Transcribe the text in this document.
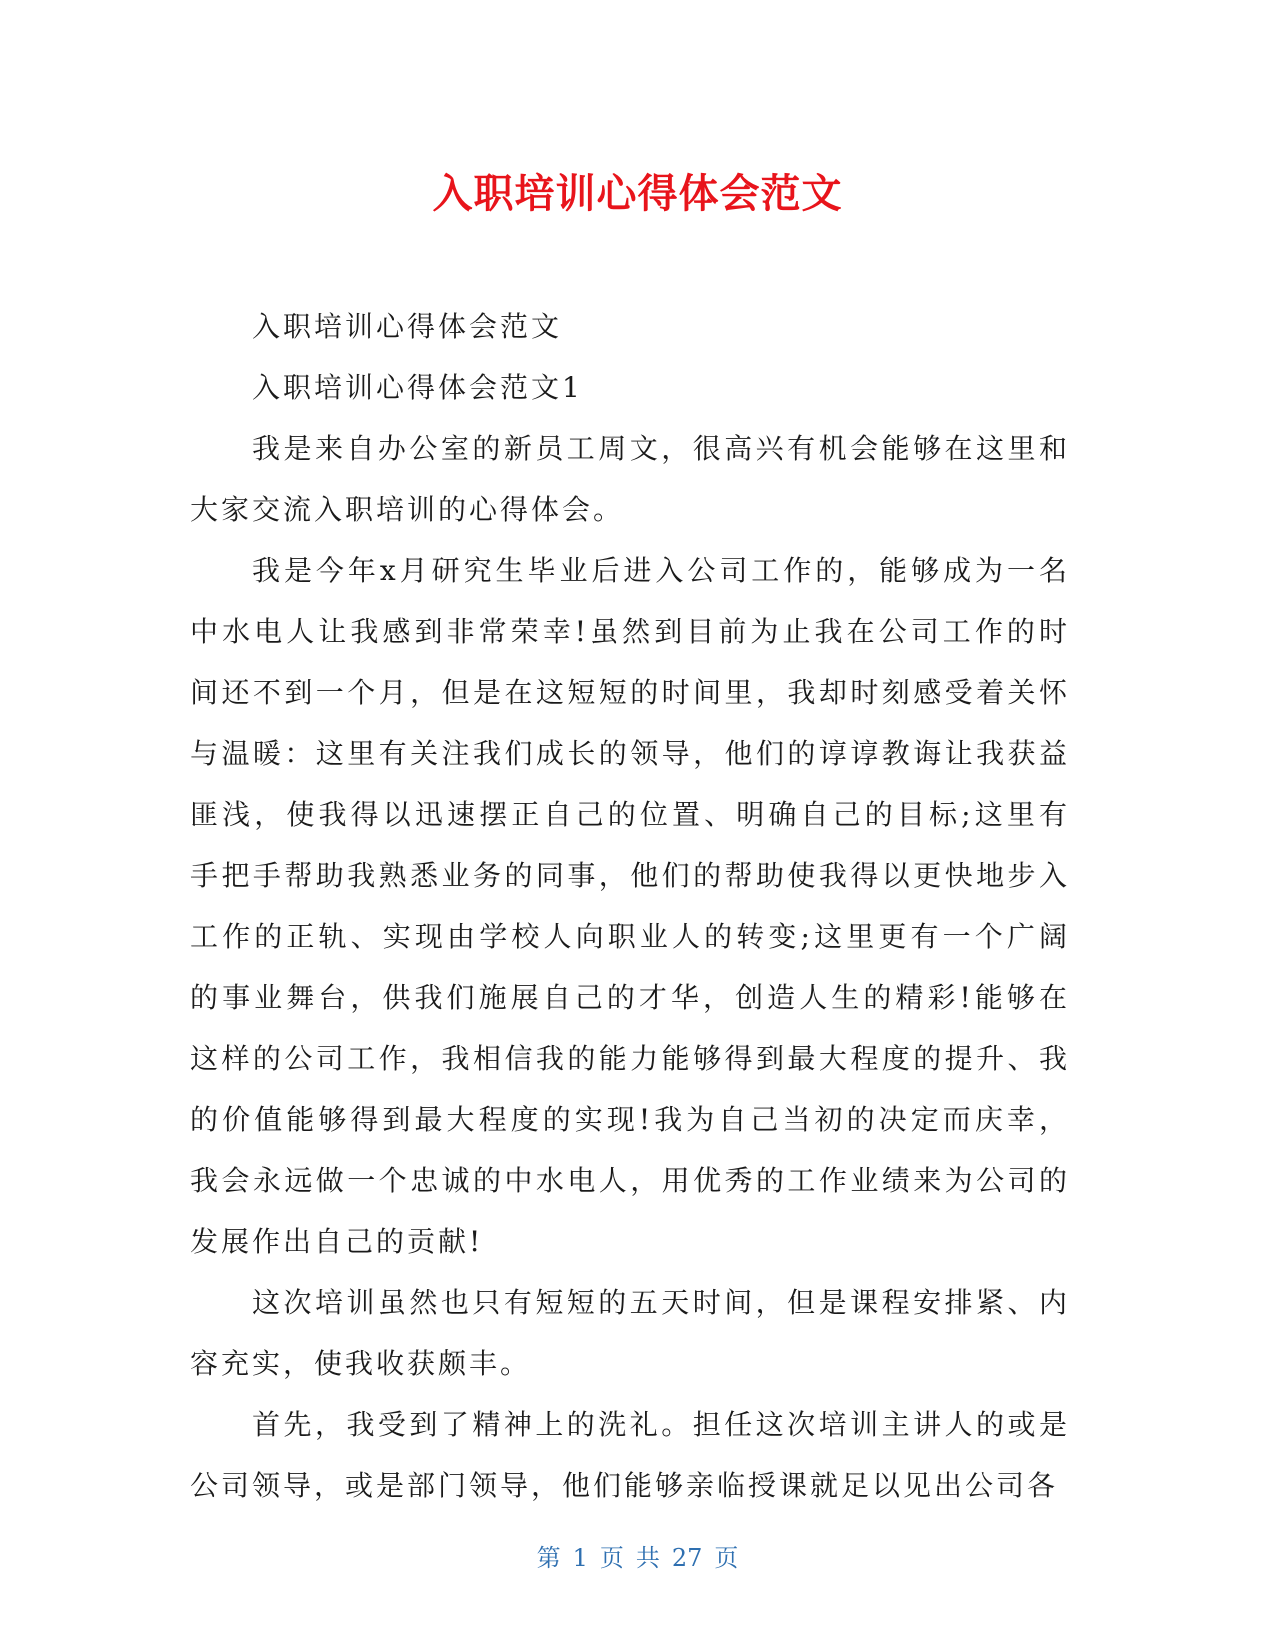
入职培训心得体会范文

入职培训心得体会范文

入职培训心得体会范文1

我是来自办公室的新员工周文，很高兴有机会能够在这里和大家交流入职培训的心得体会。

我是今年x月研究生毕业后进入公司工作的，能够成为一名中水电人让我感到非常荣幸!虽然到目前为止我在公司工作的时间还不到一个月，但是在这短短的时间里，我却时刻感受着关怀与温暖：这里有关注我们成长的领导，他们的谆谆教诲让我获益匪浅，使我得以迅速摆正自己的位置、明确自己的目标;这里有手把手帮助我熟悉业务的同事，他们的帮助使我得以更快地步入工作的正轨、实现由学校人向职业人的转变;这里更有一个广阔的事业舞台，供我们施展自己的才华，创造人生的精彩!能够在这样的公司工作，我相信我的能力能够得到最大程度的提升、我的价值能够得到最大程度的实现!我为自己当初的决定而庆幸，我会永远做一个忠诚的中水电人，用优秀的工作业绩来为公司的发展作出自己的贡献!

这次培训虽然也只有短短的五天时间，但是课程安排紧、内容充实，使我收获颇丰。

首先，我受到了精神上的洗礼。担任这次培训主讲人的或是公司领导，或是部门领导，他们能够亲临授课就足以见出公司各

第 1 页 共 27 页
